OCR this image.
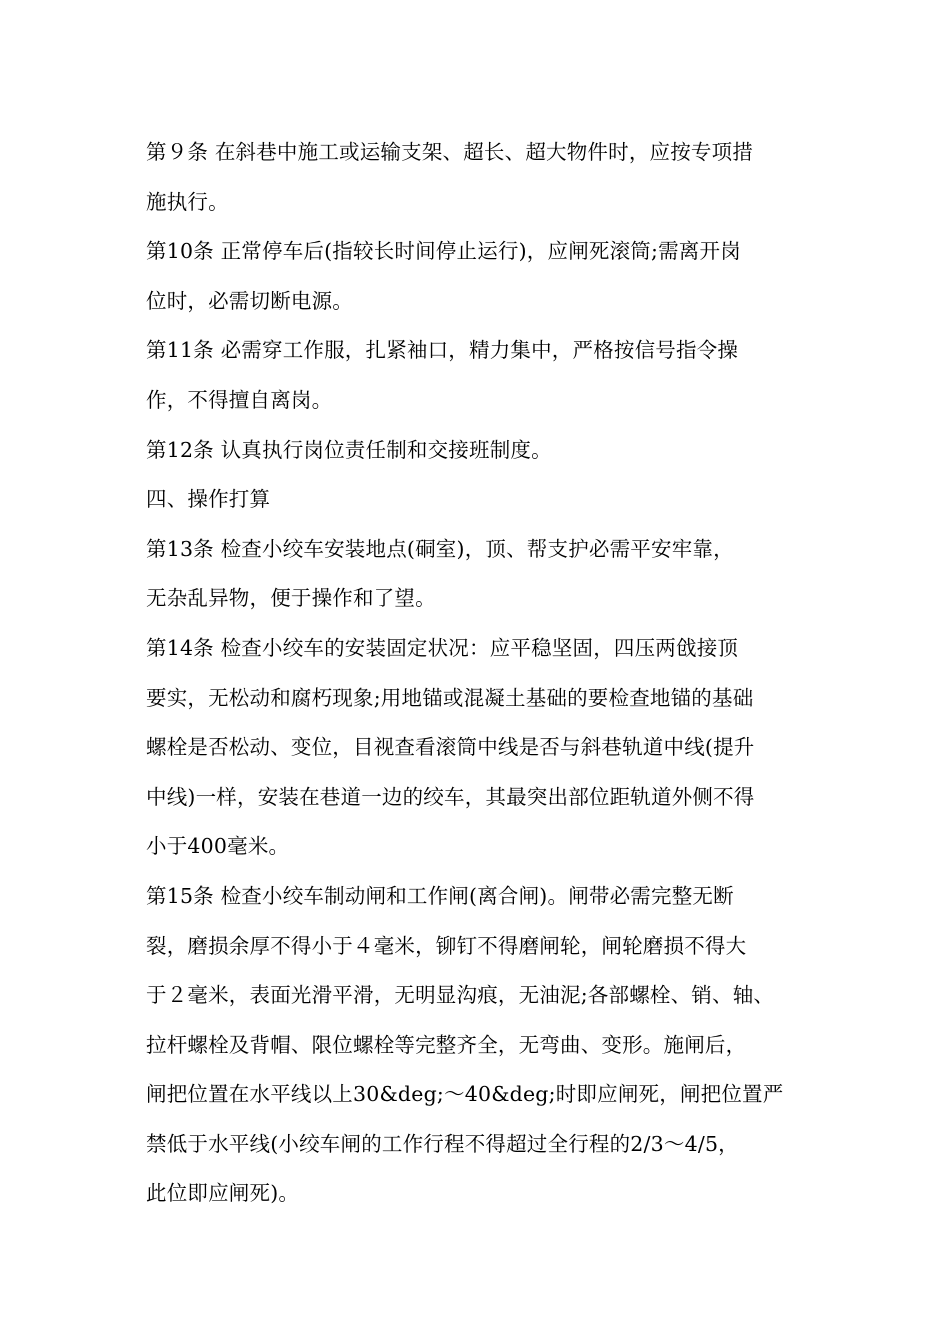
第９条 在斜巷中施工或运输支架、超长、超大物件时，应按专项措
施执行。
第10条 正常停车后(指较长时间停止运行)，应闸死滚筒;需离开岗
位时，必需切断电源。
第11条 必需穿工作服，扎紧袖口，精力集中，严格按信号指令操
作，不得擅自离岗。
第12条 认真执行岗位责任制和交接班制度。
四、操作打算
第13条 检查小绞车安装地点(硐室)，顶、帮支护必需平安牢靠，
无杂乱异物，便于操作和了望。
第14条 检查小绞车的安装固定状况：应平稳坚固，四压两戗接顶
要实，无松动和腐朽现象;用地锚或混凝土基础的要检查地锚的基础
螺栓是否松动、变位，目视查看滚筒中线是否与斜巷轨道中线(提升
中线)一样，安装在巷道一边的绞车，其最突出部位距轨道外侧不得
小于400毫米。
第15条 检查小绞车制动闸和工作闸(离合闸)。闸带必需完整无断
裂，磨损余厚不得小于４毫米，铆钉不得磨闸轮，闸轮磨损不得大
于２毫米，表面光滑平滑，无明显沟痕，无油泥;各部螺栓、销、轴、
拉杆螺栓及背帽、限位螺栓等完整齐全，无弯曲、变形。施闸后，
闸把位置在水平线以上30&deg;～40&deg;时即应闸死，闸把位置严
禁低于水平线(小绞车闸的工作行程不得超过全行程的2/3～4/5，
此位即应闸死)。
